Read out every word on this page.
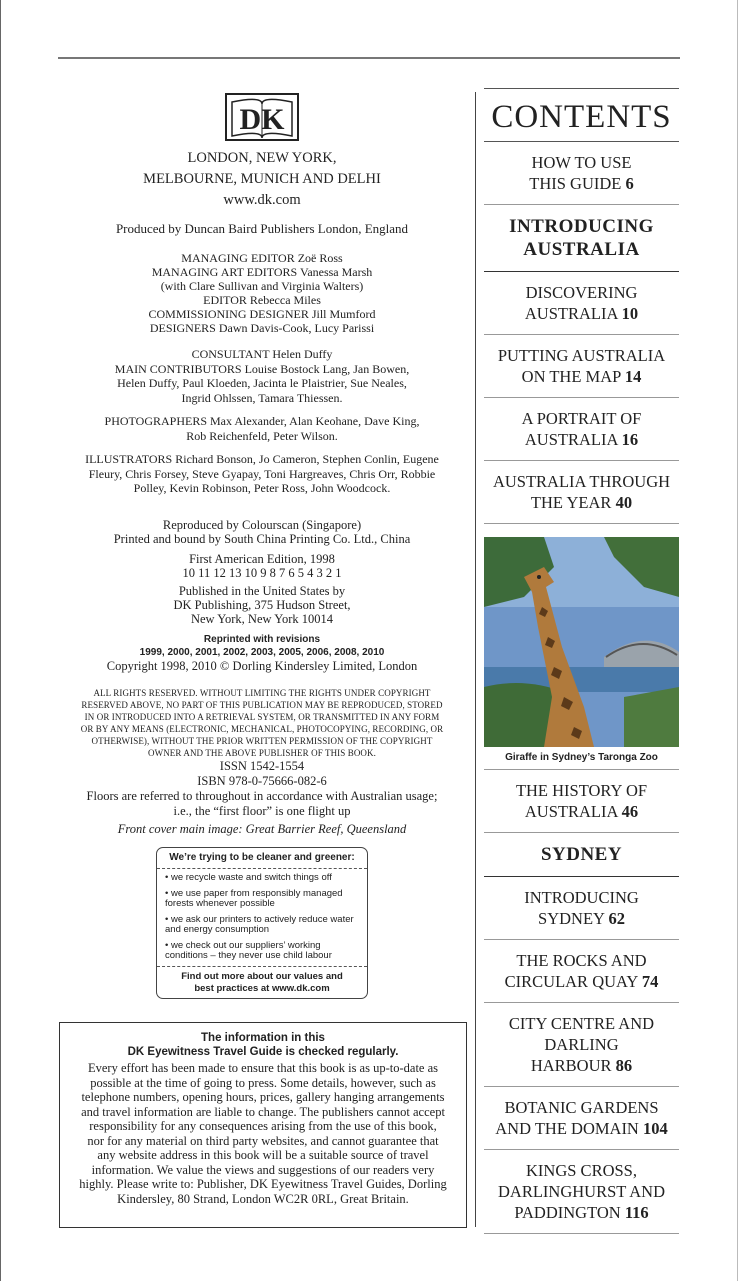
DK
LONDON, NEW YORK,
MELBOURNE, MUNICH AND DELHI
www.dk.com
Produced by Duncan Baird Publishers London, England
MANAGING EDITOR Zoë Ross
MANAGING ART EDITORS Vanessa Marsh
(with Clare Sullivan and Virginia Walters)
EDITOR Rebecca Miles
COMMISSIONING DESIGNER Jill Mumford
DESIGNERS Dawn Davis-Cook, Lucy Parissi
CONSULTANT Helen Duffy
MAIN CONTRIBUTORS Louise Bostock Lang, Jan Bowen,
Helen Duffy, Paul Kloeden, Jacinta le Plaistrier, Sue Neales,
Ingrid Ohlssen, Tamara Thiessen.
PHOTOGRAPHERS Max Alexander, Alan Keohane, Dave King,
Rob Reichenfeld, Peter Wilson.
ILLUSTRATORS Richard Bonson, Jo Cameron, Stephen Conlin, Eugene
Fleury, Chris Forsey, Steve Gyapay, Toni Hargreaves, Chris Orr, Robbie
Polley, Kevin Robinson, Peter Ross, John Woodcock.
Reproduced by Colourscan (Singapore)
Printed and bound by South China Printing Co. Ltd., China
First American Edition, 1998
10 11 12 13 10 9 8 7 6 5 4 3 2 1
Published in the United States by
DK Publishing, 375 Hudson Street,
New York, New York 10014
Reprinted with revisions
1999, 2000, 2001, 2002, 2003, 2005, 2006, 2008, 2010
Copyright 1998, 2010 © Dorling Kindersley Limited, London
ALL RIGHTS RESERVED. WITHOUT LIMITING THE RIGHTS UNDER COPYRIGHT
RESERVED ABOVE, NO PART OF THIS PUBLICATION MAY BE REPRODUCED, STORED
IN OR INTRODUCED INTO A RETRIEVAL SYSTEM, OR TRANSMITTED IN ANY FORM
OR BY ANY MEANS (ELECTRONIC, MECHANICAL, PHOTOCOPYING, RECORDING, OR
OTHERWISE), WITHOUT THE PRIOR WRITTEN PERMISSION OF THE COPYRIGHT
OWNER AND THE ABOVE PUBLISHER OF THIS BOOK.
ISSN 1542-1554
ISBN 978-0-75666-082-6
Floors are referred to throughout in accordance with Australian usage;
i.e., the “first floor” is one flight up
Front cover main image: Great Barrier Reef, Queensland
We’re trying to be cleaner and greener:
• we recycle waste and switch things off
• we use paper from responsibly managed forests whenever possible
• we ask our printers to actively reduce water and energy consumption
• we check out our suppliers’ working conditions – they never use child labour
Find out more about our values and
best practices at www.dk.com
The information in this
DK Eyewitness Travel Guide is checked regularly.
Every effort has been made to ensure that this book is as up-to-date as
possible at the time of going to press. Some details, however, such as
telephone numbers, opening hours, prices, gallery hanging arrangements
and travel information are liable to change. The publishers cannot accept
responsibility for any consequences arising from the use of this book,
nor for any material on third party websites, and cannot guarantee that
any website address in this book will be a suitable source of travel
information. We value the views and suggestions of our readers very
highly. Please write to: Publisher, DK Eyewitness Travel Guides, Dorling
Kindersley, 80 Strand, London WC2R 0RL, Great Britain.
CONTENTS
HOW TO USE
THIS GUIDE 6
INTRODUCING
AUSTRALIA
DISCOVERING
AUSTRALIA 10
PUTTING AUSTRALIA
ON THE MAP 14
A PORTRAIT OF
AUSTRALIA 16
AUSTRALIA THROUGH
THE YEAR 40
Giraffe in Sydney’s Taronga Zoo
THE HISTORY OF
AUSTRALIA 46
SYDNEY
INTRODUCING
SYDNEY 62
THE ROCKS AND
CIRCULAR QUAY 74
CITY CENTRE AND
DARLING
HARBOUR 86
BOTANIC GARDENS
AND THE DOMAIN 104
KINGS CROSS,
DARLINGHURST AND
PADDINGTON 116
